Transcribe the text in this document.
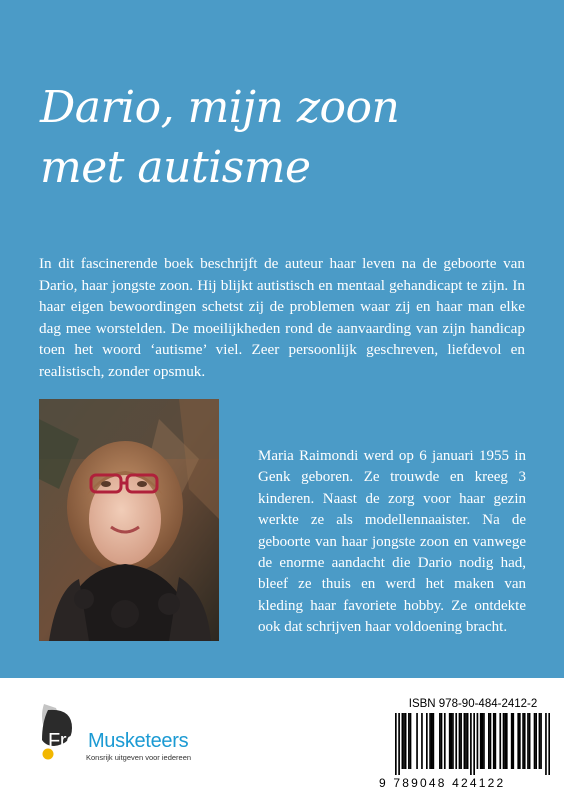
Dario, mijn zoon
met autisme

In dit fascinerende boek beschrijft de auteur haar leven na de geboorte van Dario, haar jongste zoon. Hij blijkt autistisch en mentaal gehandicapt te zijn. In haar eigen bewoordingen schetst zij de problemen waar zij en haar man elke dag mee worstelden. De moeilijkheden rond de aanvaarding van zijn handicap toen het woord ‘autisme’ viel. Zeer persoonlijk geschreven, liefdevol en realistisch, zonder opsmuk.

Maria Raimondi werd op 6 januari 1955 in Genk geboren. Ze trouwde en kreeg 3 kinderen. Naast de zorg voor haar gezin werkte ze als modellennaaister. Na de geboorte van haar jongste zoon en vanwege de enorme aandacht die Dario nodig had, bleef ze thuis en werd het maken van kleding haar favoriete hobby. Ze ontdekte ook dat schrijven haar voldoening bracht.

FreeMusketeers
Konsrijk uitgeven voor iedereen
ISBN 978-90-484-2412-2
9 789048 424122
